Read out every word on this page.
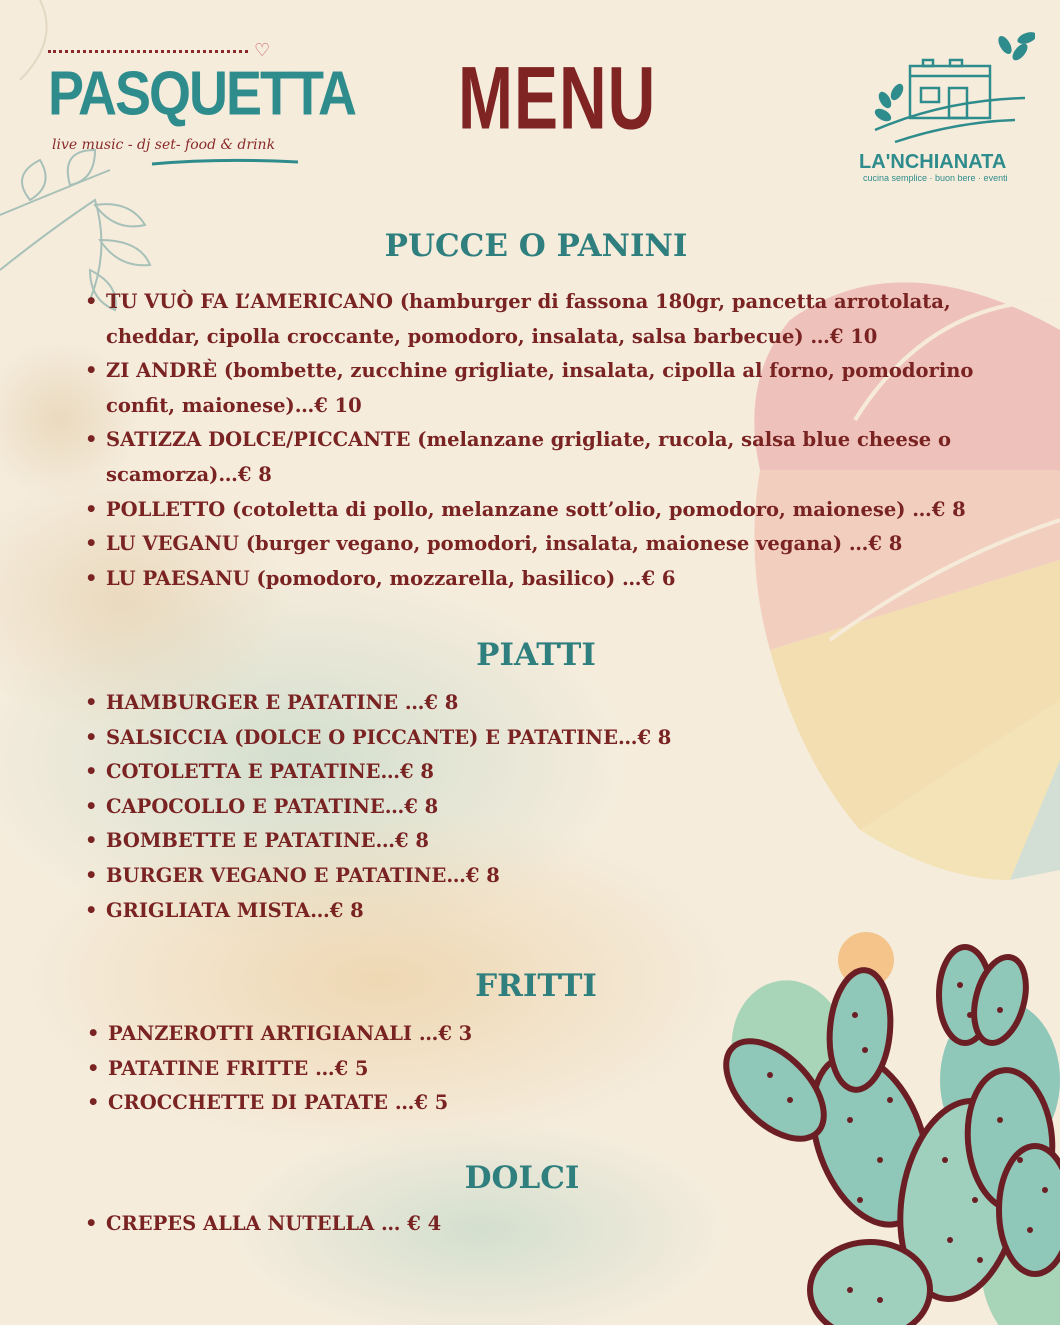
♡
PASQUETTA
live music - dj set- food & drink	MENU
LA'NCHIANATA
cucina semplice · buon bere · eventi
PUCCE O PANINI
• TU VUÒ FA L’AMERICANO (hamburger di fassona 180gr, pancetta arrotolata, cheddar, cipolla croccante, pomodoro, insalata, salsa barbecue) …€ 10
• ZI ANDRÈ (bombette, zucchine grigliate, insalata, cipolla al forno, pomodorino confit, maionese)…€ 10
• SATIZZA DOLCE/PICCANTE (melanzane grigliate, rucola, salsa blue cheese o scamorza)…€ 8
• POLLETTO (cotoletta di pollo, melanzane sott’olio, pomodoro, maionese) …€ 8
• LU VEGANU (burger vegano, pomodori, insalata, maionese vegana) …€ 8
• LU PAESANU (pomodoro, mozzarella, basilico) …€ 6
PIATTI
• HAMBURGER E PATATINE …€ 8
• SALSICCIA (DOLCE O PICCANTE) E PATATINE…€ 8
• COTOLETTA E PATATINE…€ 8
• CAPOCOLLO E PATATINE…€ 8
• BOMBETTE E PATATINE…€ 8
• BURGER VEGANO E PATATINE…€ 8
• GRIGLIATA MISTA…€ 8
FRITTI
• PANZEROTTI ARTIGIANALI …€ 3
• PATATINE FRITTE …€ 5
• CROCCHETTE DI PATATE …€ 5
DOLCI
• CREPES ALLA NUTELLA … € 4
